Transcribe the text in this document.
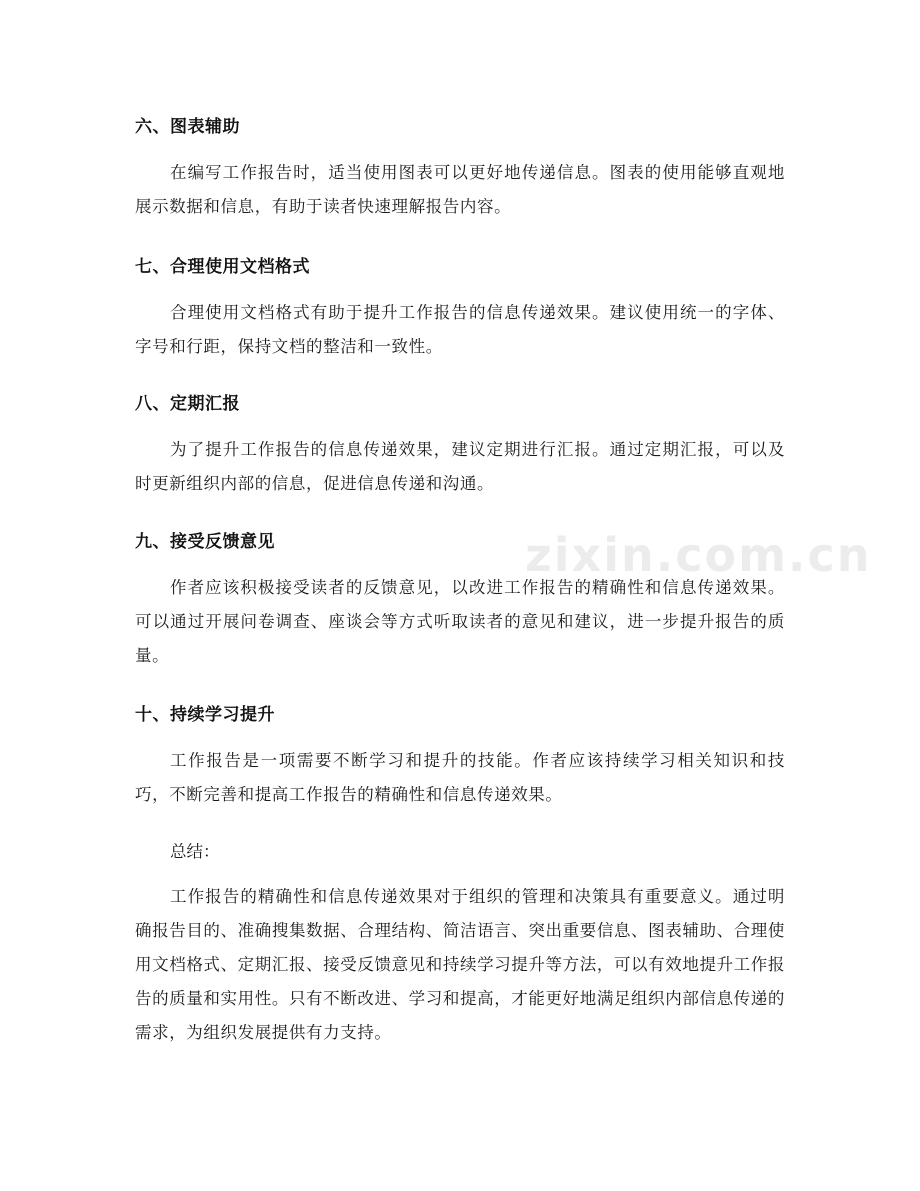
六、图表辅助

在编写工作报告时，适当使用图表可以更好地传递信息。图表的使用能够直观地展示数据和信息，有助于读者快速理解报告内容。

七、合理使用文档格式

合理使用文档格式有助于提升工作报告的信息传递效果。建议使用统一的字体、字号和行距，保持文档的整洁和一致性。

八、定期汇报

为了提升工作报告的信息传递效果，建议定期进行汇报。通过定期汇报，可以及时更新组织内部的信息，促进信息传递和沟通。

九、接受反馈意见

作者应该积极接受读者的反馈意见，以改进工作报告的精确性和信息传递效果。可以通过开展问卷调查、座谈会等方式听取读者的意见和建议，进一步提升报告的质量。

十、持续学习提升

工作报告是一项需要不断学习和提升的技能。作者应该持续学习相关知识和技巧，不断完善和提高工作报告的精确性和信息传递效果。

总结：

工作报告的精确性和信息传递效果对于组织的管理和决策具有重要意义。通过明确报告目的、准确搜集数据、合理结构、简洁语言、突出重要信息、图表辅助、合理使用文档格式、定期汇报、接受反馈意见和持续学习提升等方法，可以有效地提升工作报告的质量和实用性。只有不断改进、学习和提高，才能更好地满足组织内部信息传递的需求，为组织发展提供有力支持。

zixin.com.cn
